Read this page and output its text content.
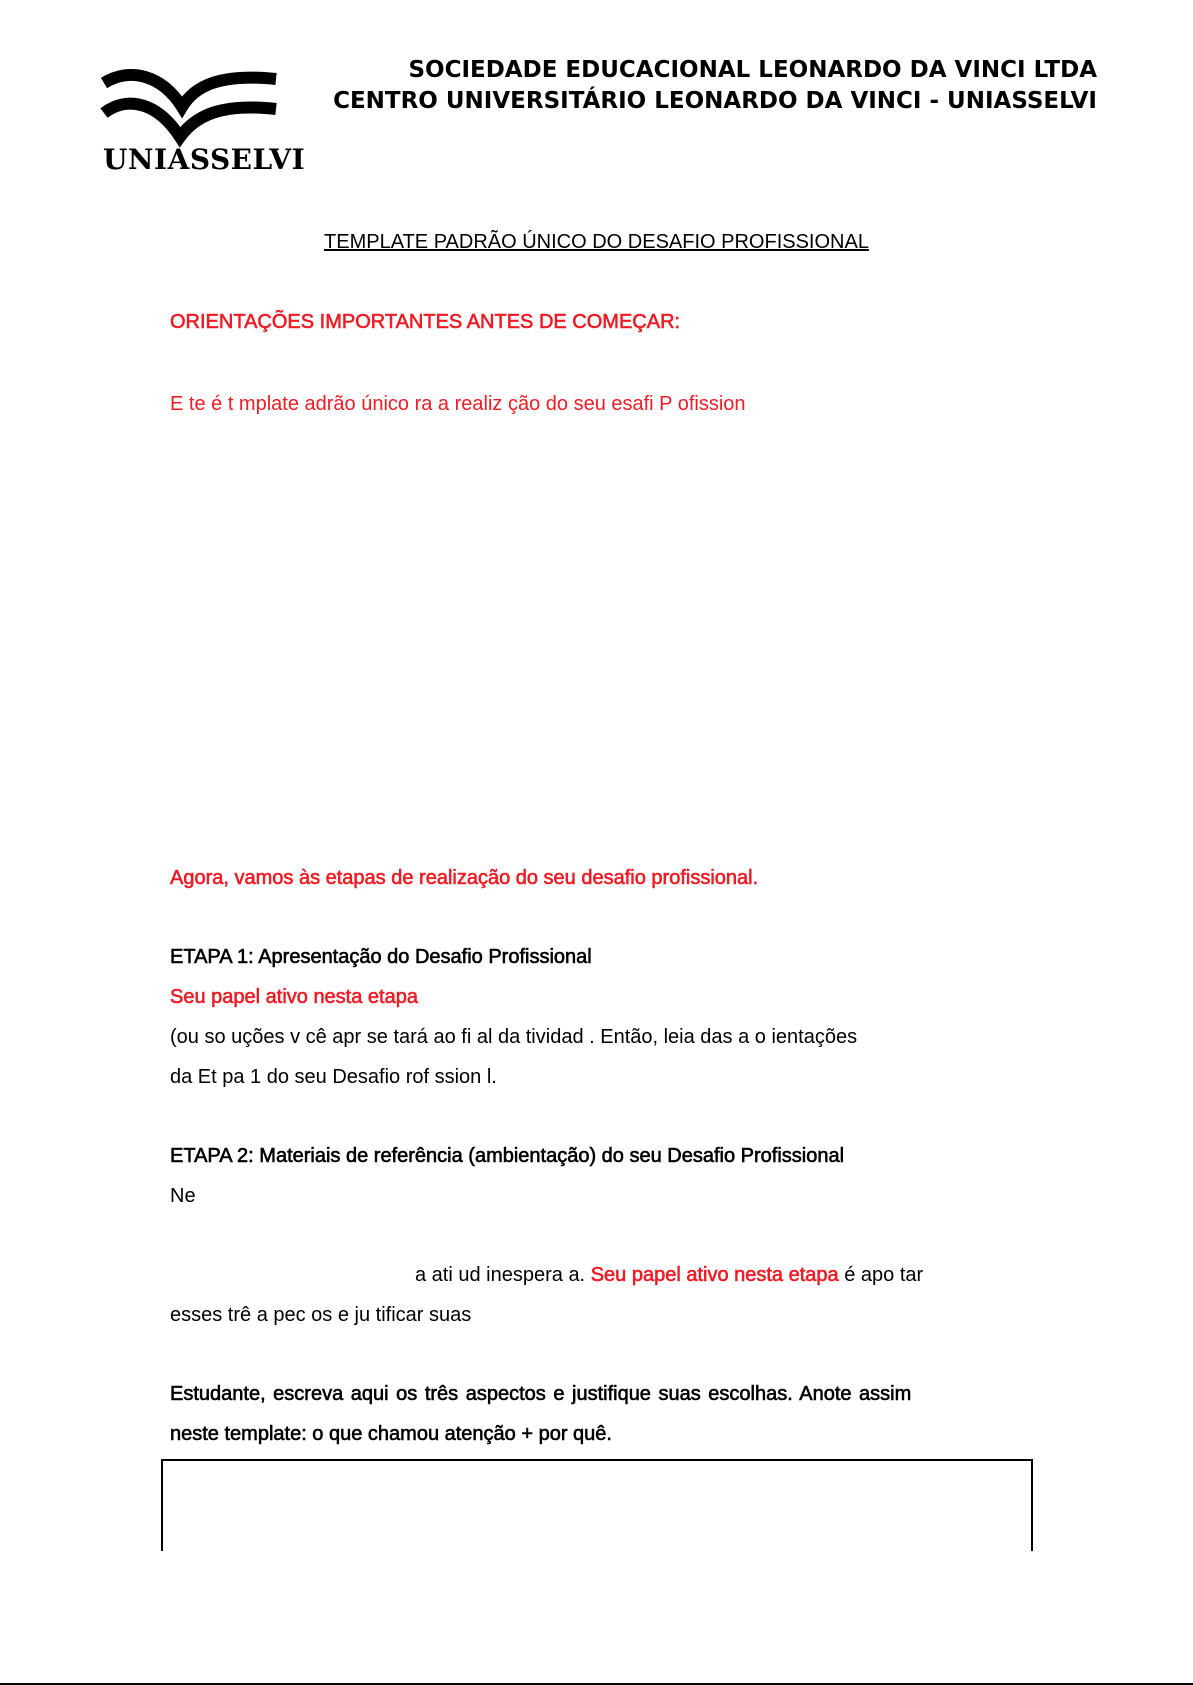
UNIASSELVI
SOCIEDADE EDUCACIONAL LEONARDO DA VINCI LTDA
CENTRO UNIVERSITÁRIO LEONARDO DA VINCI - UNIASSELVI
TEMPLATE PADRÃO ÚNICO DO DESAFIO PROFISSIONAL
ORIENTAÇÕES IMPORTANTES ANTES DE COMEÇAR:
E te é t mplate adrão único ra a realiz ção do seu esafi P ofission
Agora, vamos às etapas de realização do seu desafio profissional.
ETAPA 1: Apresentação do Desafio Profissional
Seu papel ativo nesta etapa
(ou so uções v cê apr se tará ao fi al da tividad . Então, leia das a o ientações
da Et pa 1 do seu Desafio rof ssion l.
ETAPA 2: Materiais de referência (ambientação) do seu Desafio Profissional
Ne
a ati ud inespera a. Seu papel ativo nesta etapa é apo tar
esses trê a pec os e ju tificar suas
Estudante, escreva aqui os três aspectos e justifique suas escolhas. Anote assim
neste template: o que chamou atenção + por quê.
